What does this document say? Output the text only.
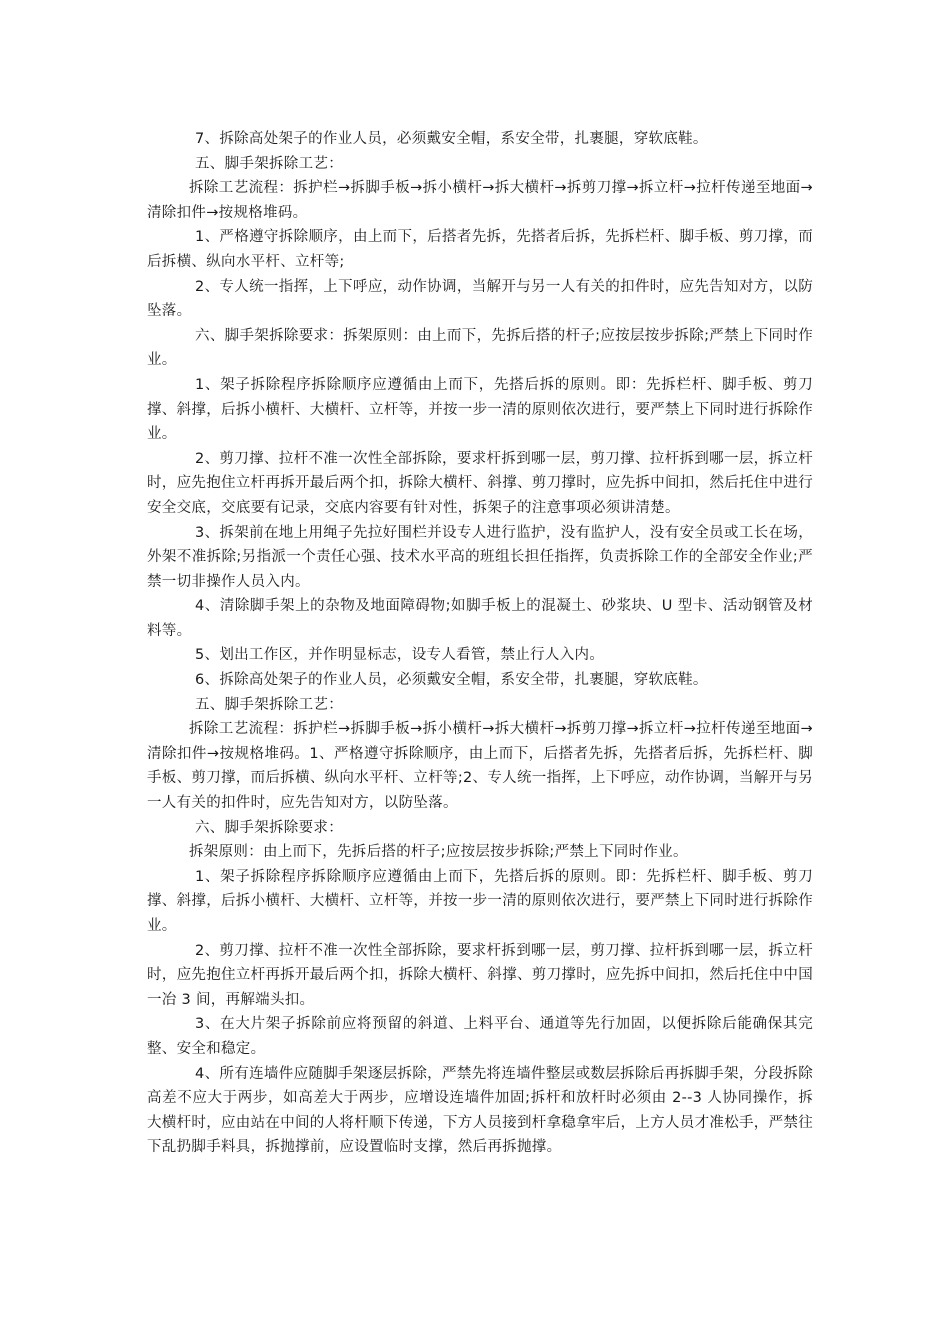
7、拆除高处架子的作业人员，必须戴安全帽，系安全带，扎裹腿，穿软底鞋。

五、脚手架拆除工艺：

拆除工艺流程：拆护栏→拆脚手板→拆小横杆→拆大横杆→拆剪刀撑→拆立杆→拉杆传递至地面→清除扣件→按规格堆码。

1、严格遵守拆除顺序，由上而下，后搭者先拆，先搭者后拆，先拆栏杆、脚手板、剪刀撑，而后拆横、纵向水平杆、立杆等;

2、专人统一指挥，上下呼应，动作协调，当解开与另一人有关的扣件时，应先告知对方，以防坠落。

六、脚手架拆除要求：拆架原则：由上而下，先拆后搭的杆子;应按层按步拆除;严禁上下同时作业。

1、架子拆除程序拆除顺序应遵循由上而下，先搭后拆的原则。即：先拆栏杆、脚手板、剪刀撑、斜撑，后拆小横杆、大横杆、立杆等，并按一步一清的原则依次进行，要严禁上下同时进行拆除作业。

2、剪刀撑、拉杆不准一次性全部拆除，要求杆拆到哪一层，剪刀撑、拉杆拆到哪一层，拆立杆时，应先抱住立杆再拆开最后两个扣，拆除大横杆、斜撑、剪刀撑时，应先拆中间扣，然后托住中进行安全交底，交底要有记录，交底内容要有针对性，拆架子的注意事项必须讲清楚。

3、拆架前在地上用绳子先拉好围栏并设专人进行监护，没有监护人，没有安全员或工长在场，外架不准拆除;另指派一个责任心强、技术水平高的班组长担任指挥，负责拆除工作的全部安全作业;严禁一切非操作人员入内。

4、清除脚手架上的杂物及地面障碍物;如脚手板上的混凝土、砂浆块、U 型卡、活动钢管及材料等。

5、划出工作区，并作明显标志，设专人看管，禁止行人入内。

6、拆除高处架子的作业人员，必须戴安全帽，系安全带，扎裹腿，穿软底鞋。

五、脚手架拆除工艺：

拆除工艺流程：拆护栏→拆脚手板→拆小横杆→拆大横杆→拆剪刀撑→拆立杆→拉杆传递至地面→清除扣件→按规格堆码。1、严格遵守拆除顺序，由上而下，后搭者先拆，先搭者后拆，先拆栏杆、脚手板、剪刀撑，而后拆横、纵向水平杆、立杆等;2、专人统一指挥，上下呼应，动作协调，当解开与另一人有关的扣件时，应先告知对方，以防坠落。

六、脚手架拆除要求：

拆架原则：由上而下，先拆后搭的杆子;应按层按步拆除;严禁上下同时作业。

1、架子拆除程序拆除顺序应遵循由上而下，先搭后拆的原则。即：先拆栏杆、脚手板、剪刀撑、斜撑，后拆小横杆、大横杆、立杆等，并按一步一清的原则依次进行，要严禁上下同时进行拆除作业。

2、剪刀撑、拉杆不准一次性全部拆除，要求杆拆到哪一层，剪刀撑、拉杆拆到哪一层，拆立杆时，应先抱住立杆再拆开最后两个扣，拆除大横杆、斜撑、剪刀撑时，应先拆中间扣，然后托住中中国一冶 3 间，再解端头扣。

3、在大片架子拆除前应将预留的斜道、上料平台、通道等先行加固，以便拆除后能确保其完整、安全和稳定。

4、所有连墙件应随脚手架逐层拆除，严禁先将连墙件整层或数层拆除后再拆脚手架，分段拆除高差不应大于两步，如高差大于两步，应增设连墙件加固;拆杆和放杆时必须由 2--3 人协同操作，拆大横杆时，应由站在中间的人将杆顺下传递，下方人员接到杆拿稳拿牢后，上方人员才准松手，严禁往下乱扔脚手料具，拆抛撑前，应设置临时支撑，然后再拆抛撑。
